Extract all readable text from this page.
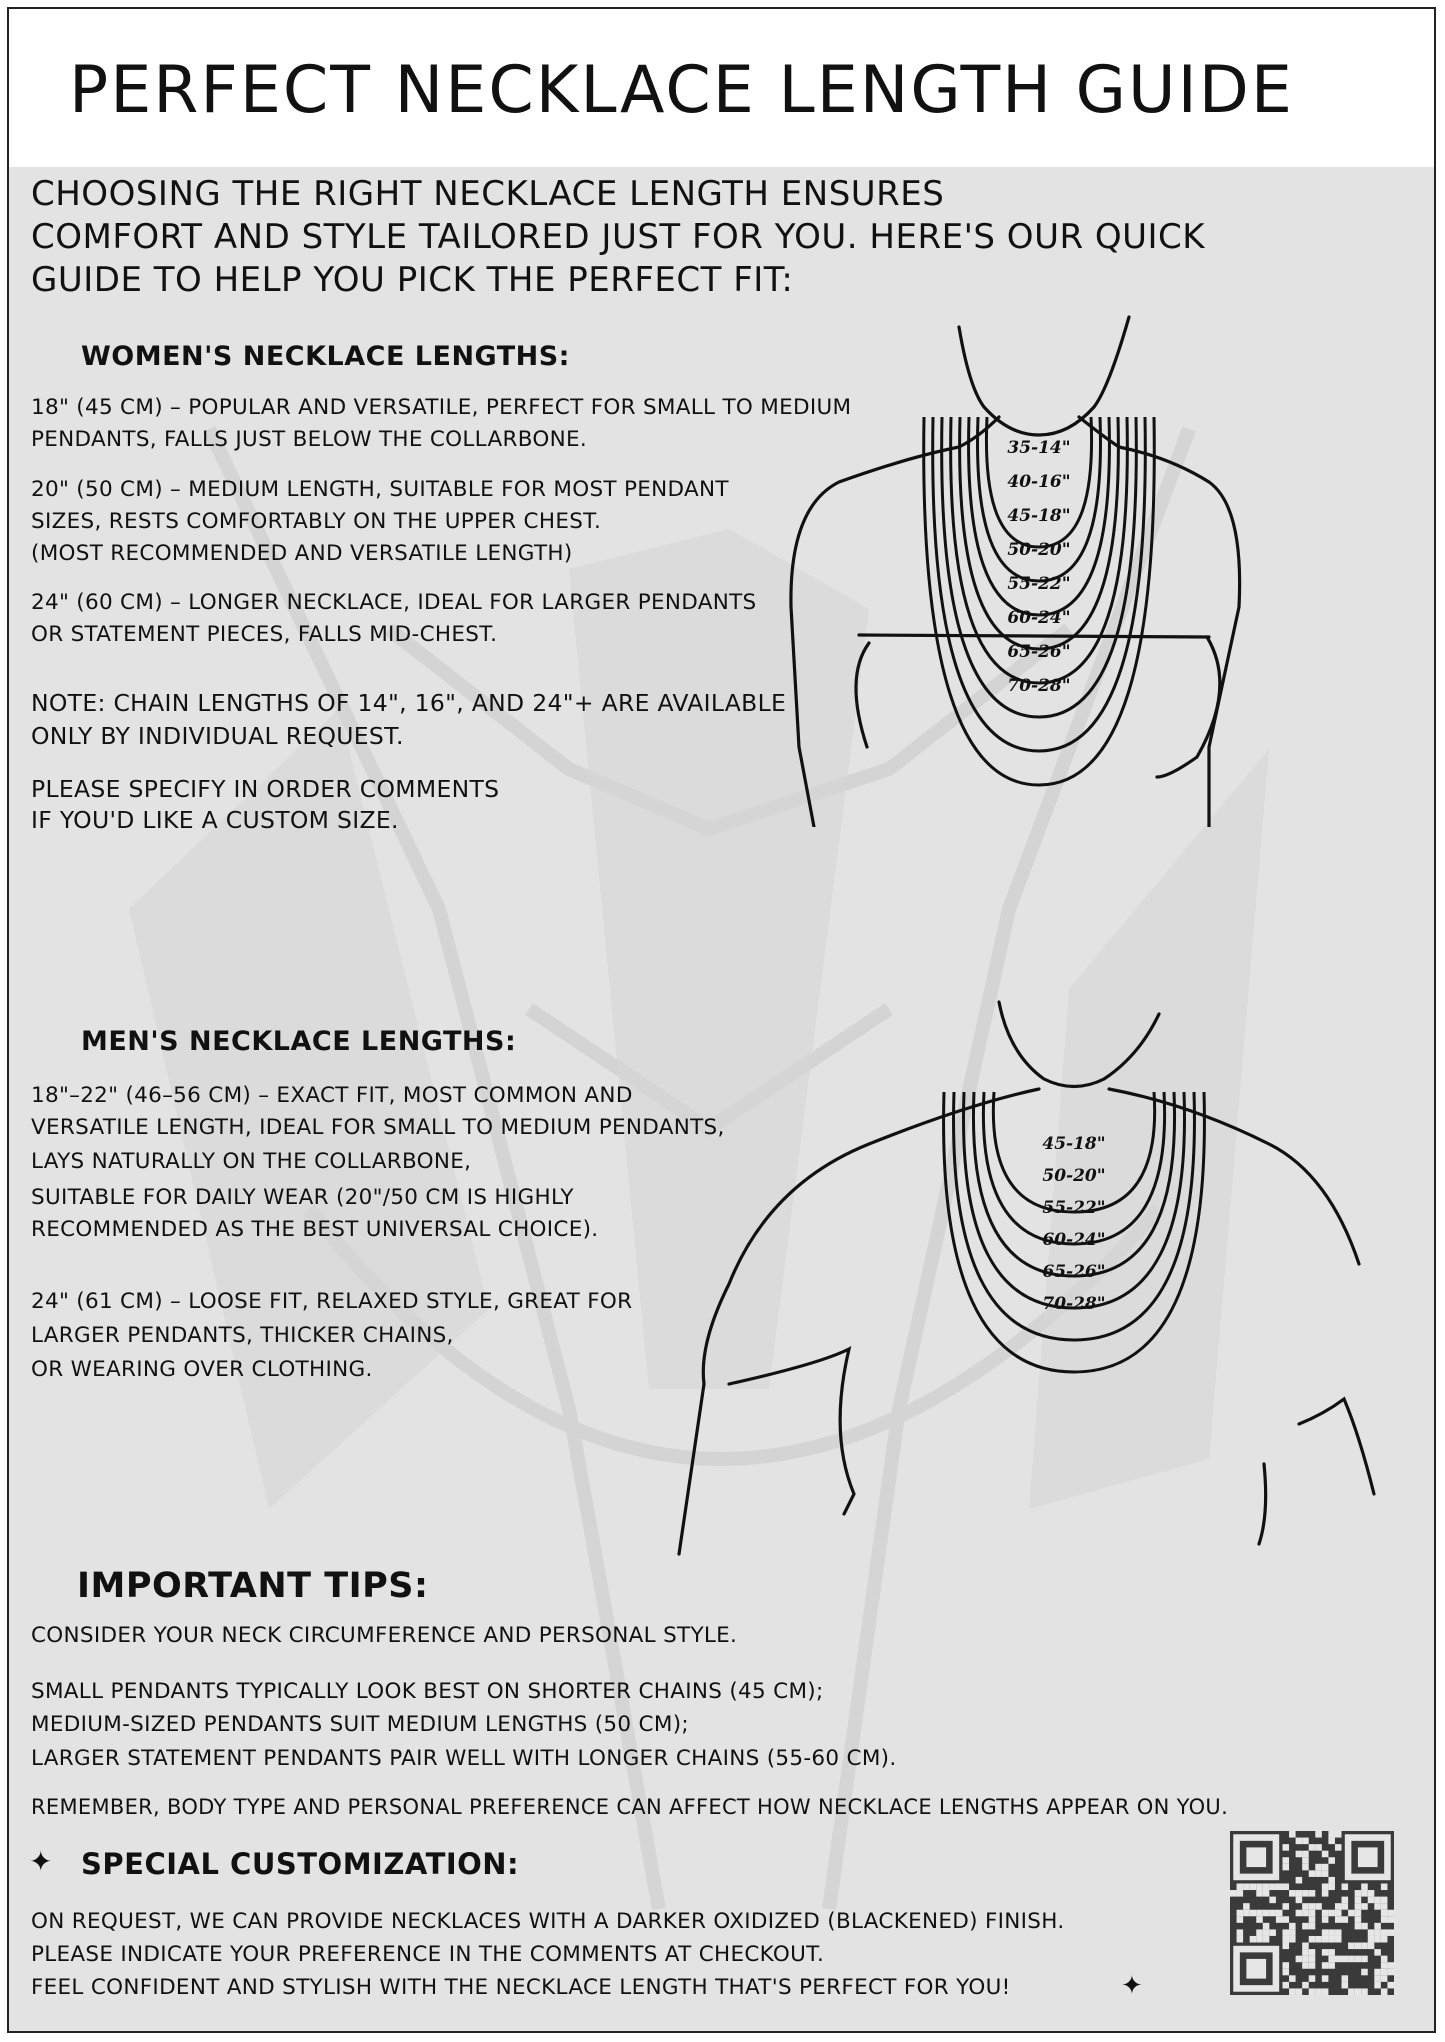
PERFECT NECKLACE LENGTH GUIDE

CHOOSING THE RIGHT NECKLACE LENGTH ENSURES

COMFORT AND STYLE TAILORED JUST FOR YOU. HERE'S OUR QUICK

GUIDE TO HELP YOU PICK THE PERFECT FIT:

WOMEN'S NECKLACE LENGTHS:

18" (45 CM) – POPULAR AND VERSATILE, PERFECT FOR SMALL TO MEDIUM

PENDANTS, FALLS JUST BELOW THE COLLARBONE.

20" (50 CM) – MEDIUM LENGTH, SUITABLE FOR MOST PENDANT

SIZES, RESTS COMFORTABLY ON THE UPPER CHEST.

(MOST RECOMMENDED AND VERSATILE LENGTH)

24" (60 CM) – LONGER NECKLACE, IDEAL FOR LARGER PENDANTS

OR STATEMENT PIECES, FALLS MID-CHEST.

NOTE: CHAIN LENGTHS OF 14", 16", AND 24"+ ARE AVAILABLE

ONLY BY INDIVIDUAL REQUEST.

PLEASE SPECIFY IN ORDER COMMENTS

IF YOU'D LIKE A CUSTOM SIZE.

35-14"
40-16"
45-18"
50-20"
55-22"
60-24"
65-26"
70-28"
MEN'S NECKLACE LENGTHS:

18"–22" (46–56 CM) – EXACT FIT, MOST COMMON AND

VERSATILE LENGTH, IDEAL FOR SMALL TO MEDIUM PENDANTS,

LAYS NATURALLY ON THE COLLARBONE,

SUITABLE FOR DAILY WEAR (20"/50 CM IS HIGHLY

RECOMMENDED AS THE BEST UNIVERSAL CHOICE).

24" (61 CM) – LOOSE FIT, RELAXED STYLE, GREAT FOR

LARGER PENDANTS, THICKER CHAINS,

OR WEARING OVER CLOTHING.

45-18"
50-20"
55-22"
60-24"
65-26"
70-28"
IMPORTANT TIPS:

CONSIDER YOUR NECK CIRCUMFERENCE AND PERSONAL STYLE.

SMALL PENDANTS TYPICALLY LOOK BEST ON SHORTER CHAINS (45 CM);

MEDIUM-SIZED PENDANTS SUIT MEDIUM LENGTHS (50 CM);

LARGER STATEMENT PENDANTS PAIR WELL WITH LONGER CHAINS (55-60 CM).

REMEMBER, BODY TYPE AND PERSONAL PREFERENCE CAN AFFECT HOW NECKLACE LENGTHS APPEAR ON YOU.

✦ SPECIAL CUSTOMIZATION:

ON REQUEST, WE CAN PROVIDE NECKLACES WITH A DARKER OXIDIZED (BLACKENED) FINISH.

PLEASE INDICATE YOUR PREFERENCE IN THE COMMENTS AT CHECKOUT.

FEEL CONFIDENT AND STYLISH WITH THE NECKLACE LENGTH THAT'S PERFECT FOR YOU!	✦
